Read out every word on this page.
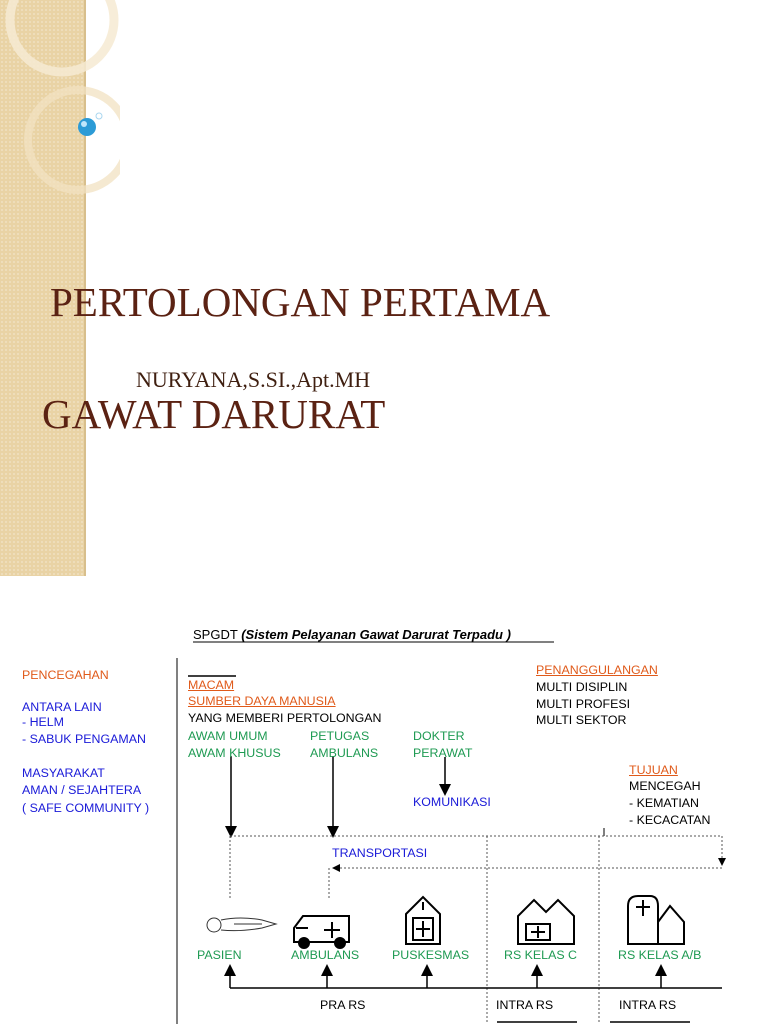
PERTOLONGAN PERTAMA

GAWAT DARURAT

NURYANA,S.SI.,Apt.MH
SPGDT (Sistem Pelayanan Gawat Darurat Terpadu )
PENCEGAHAN
ANTARA LAIN
- HELM
- SABUK PENGAMAN
MASYARAKAT
AMAN / SEJAHTERA
( SAFE COMMUNITY )
MACAM
SUMBER DAYA MANUSIA
YANG MEMBERI PERTOLONGAN
AWAM UMUM
AWAM KHUSUS
PETUGAS
AMBULANS
DOKTER
PERAWAT
KOMUNIKASI
PENANGGULANGAN
MULTI DISIPLIN
MULTI PROFESI
MULTI SEKTOR
TUJUAN
MENCEGAH
- KEMATIAN
- KECACATAN
TRANSPORTASI
PASIEN	AMBULANS	PUSKESMAS	RS KELAS C	RS KELAS A/B
PRA RS	INTRA RS	INTRA RS
